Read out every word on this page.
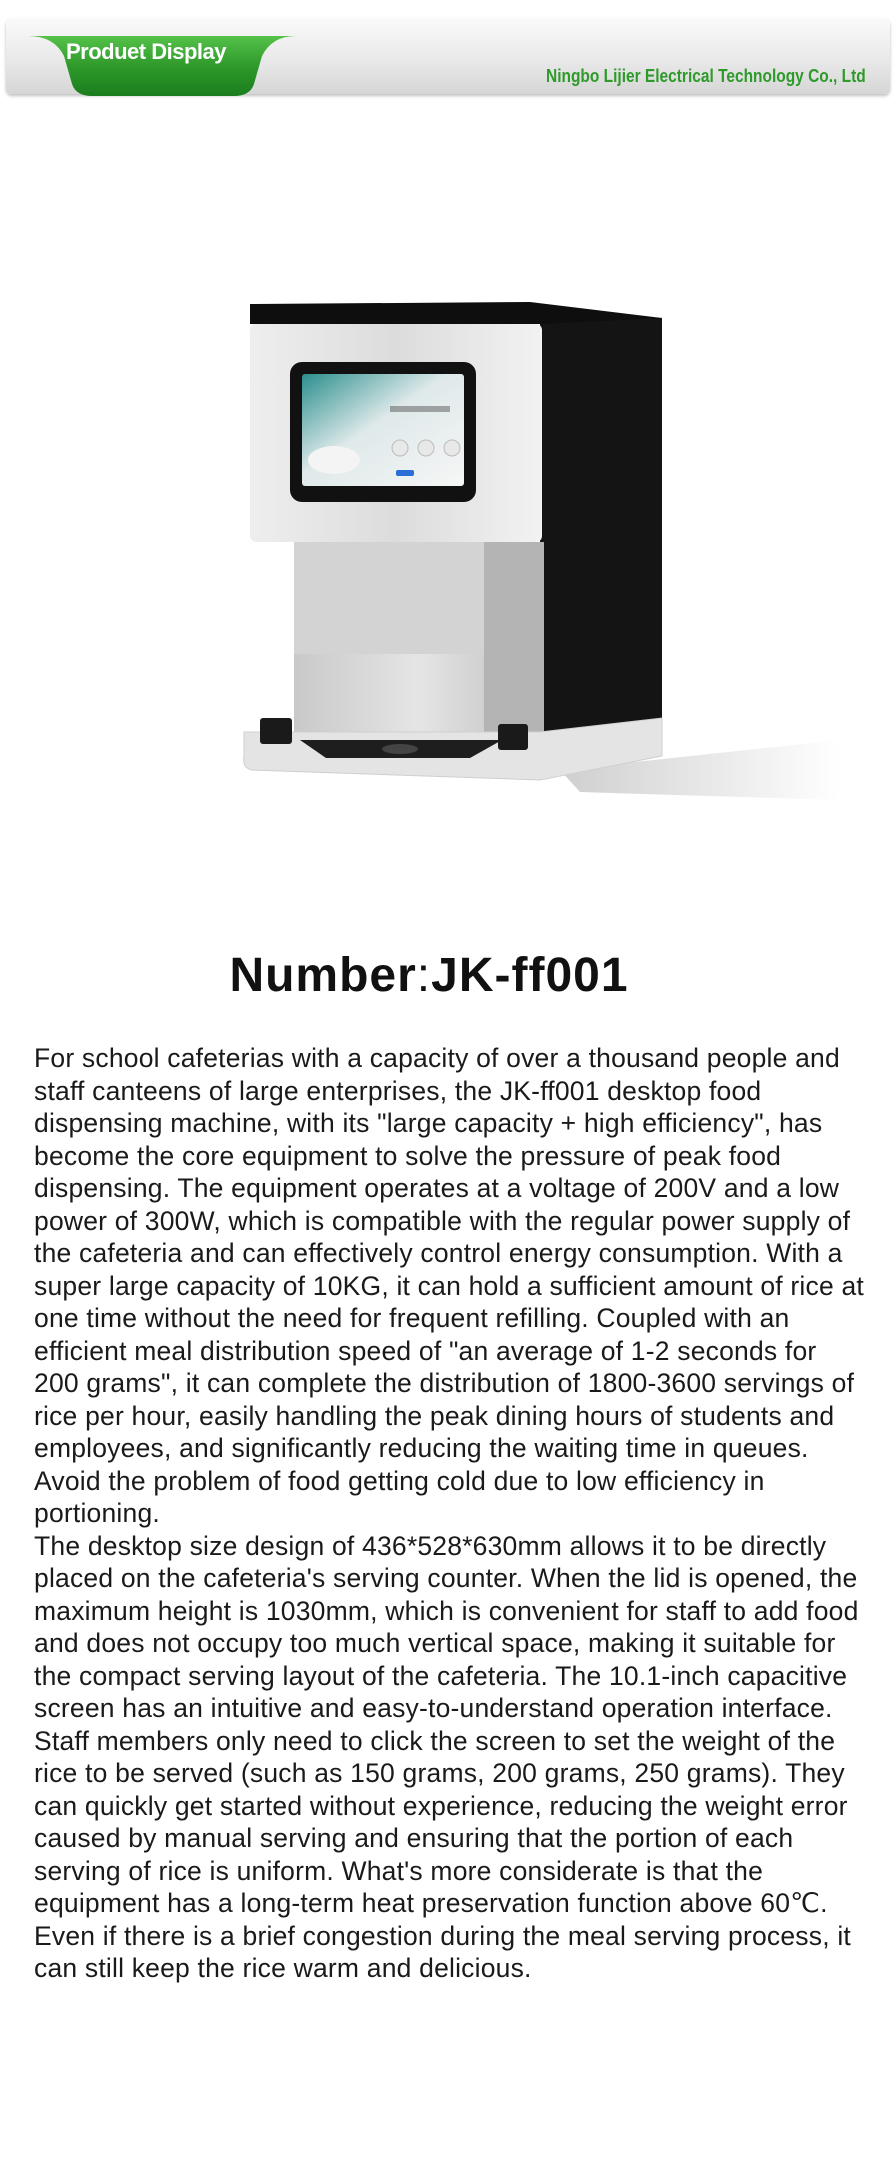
Produet Display
Ningbo Lijier Electrical Technology Co., Ltd
Number:JK-ff001

For school cafeterias with a capacity of over a thousand people and staff canteens of large enterprises, the JK-ff001 desktop food dispensing machine, with its "large capacity + high efficiency", has become the core equipment to solve the pressure of peak food dispensing. The equipment operates at a voltage of 200V and a low power of 300W, which is compatible with the regular power supply of the cafeteria and can effectively control energy consumption. With a super large capacity of 10KG, it can hold a sufficient amount of rice at one time without the need for frequent refilling. Coupled with an efficient meal distribution speed of "an average of 1-2 seconds for 200 grams", it can complete the distribution of 1800-3600 servings of rice per hour, easily handling the peak dining hours of students and employees, and significantly reducing the waiting time in queues. Avoid the problem of food getting cold due to low efficiency in portioning.

The desktop size design of 436*528*630mm allows it to be directly placed on the cafeteria's serving counter. When the lid is opened, the maximum height is 1030mm, which is convenient for staff to add food and does not occupy too much vertical space, making it suitable for the compact serving layout of the cafeteria. The 10.1-inch capacitive screen has an intuitive and easy-to-understand operation interface. Staff members only need to click the screen to set the weight of the rice to be served (such as 150 grams, 200 grams, 250 grams). They can quickly get started without experience, reducing the weight error caused by manual serving and ensuring that the portion of each serving of rice is uniform. What's more considerate is that the equipment has a long-term heat preservation function above 60℃. Even if there is a brief congestion during the meal serving process, it can still keep the rice warm and delicious.
